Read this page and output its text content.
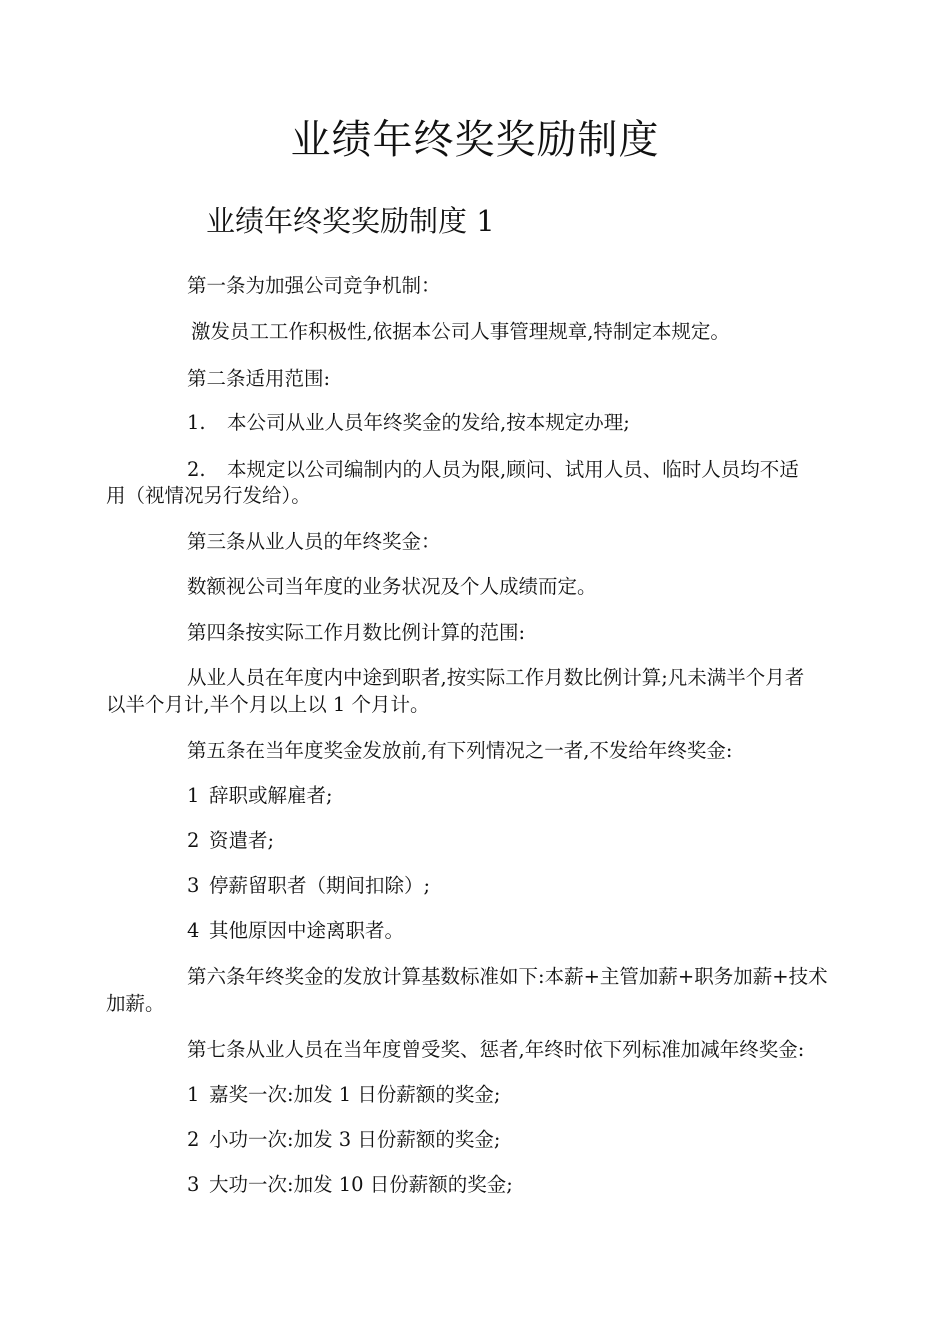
业绩年终奖奖励制度
业绩年终奖奖励制度 1

第一条为加强公司竞争机制：

激发员工工作积极性,依据本公司人事管理规章,特制定本规定。

第二条适用范围:

1. 本公司从业人员年终奖金的发给,按本规定办理;

2. 本规定以公司编制内的人员为限,顾问、试用人员、临时人员均不适

用（视情况另行发给）。

第三条从业人员的年终奖金：

数额视公司当年度的业务状况及个人成绩而定。

第四条按实际工作月数比例计算的范围:

从业人员在年度内中途到职者,按实际工作月数比例计算;凡未满半个月者

以半个月计,半个月以上以 1 个月计。

第五条在当年度奖金发放前,有下列情况之一者,不发给年终奖金:

1 辞职或解雇者;

2 资遣者;

3 停薪留职者（期间扣除）;

4 其他原因中途离职者。

第六条年终奖金的发放计算基数标准如下:本薪+主管加薪+职务加薪+技术

加薪。

第七条从业人员在当年度曾受奖、惩者,年终时依下列标准加减年终奖金:

1 嘉奖一次:加发 1 日份薪额的奖金;

2 小功一次:加发 3 日份薪额的奖金;

3 大功一次:加发 10 日份薪额的奖金;
